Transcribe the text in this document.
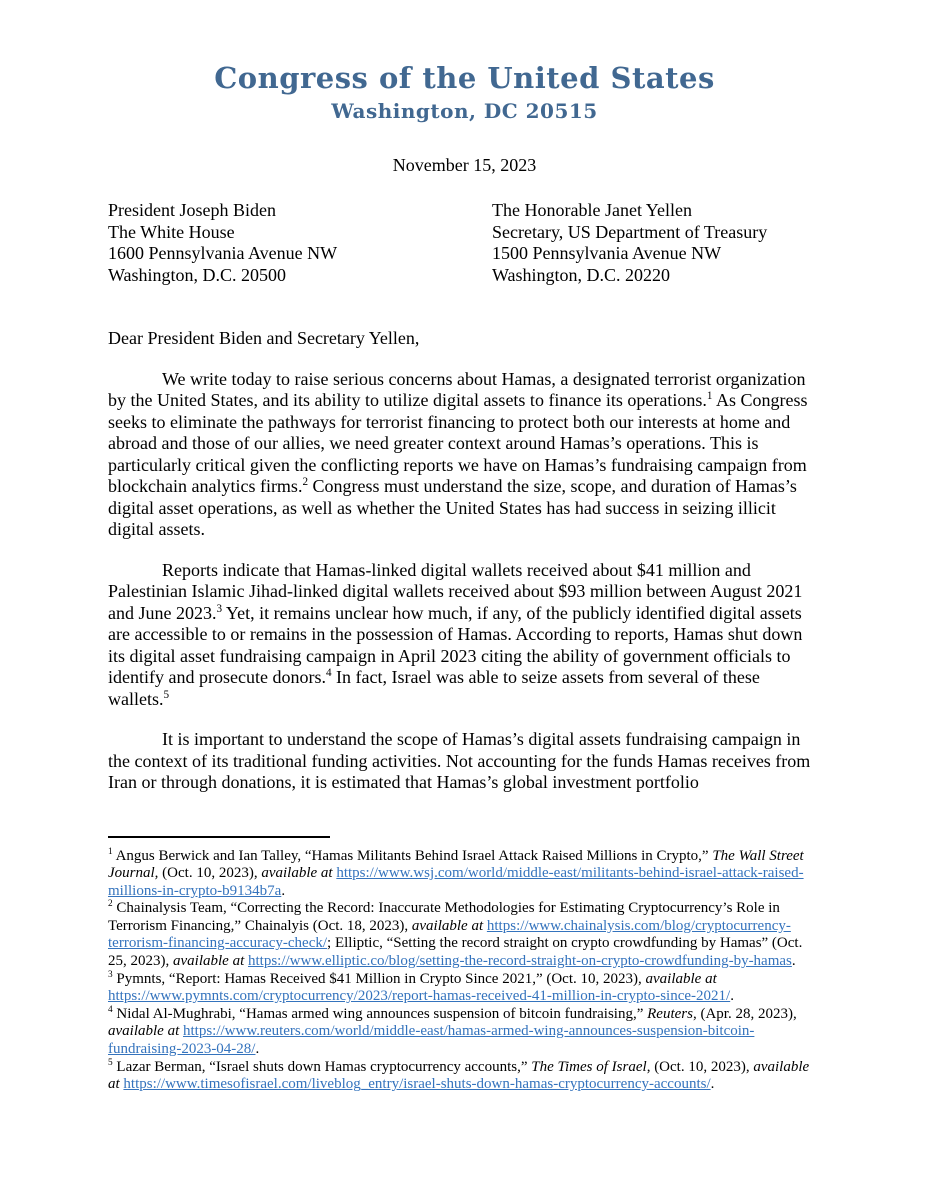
Congress of the United States
Washington, DC 20515
November 15, 2023
President Joseph Biden
The White House
1600 Pennsylvania Avenue NW
Washington, D.C. 20500
The Honorable Janet Yellen
Secretary, US Department of Treasury
1500 Pennsylvania Avenue NW
Washington, D.C. 20220
Dear President Biden and Secretary Yellen,

We write today to raise serious concerns about Hamas, a designated terrorist organization by the United States, and its ability to utilize digital assets to finance its operations.$^1$ As Congress seeks to eliminate the pathways for terrorist financing to protect both our interests at home and abroad and those of our allies, we need greater context around Hamas’s operations. This is particularly critical given the conflicting reports we have on Hamas’s fundraising campaign from blockchain analytics firms.$^2$ Congress must understand the size, scope, and duration of Hamas’s digital asset operations, as well as whether the United States has had success in seizing illicit digital assets.

Reports indicate that Hamas-linked digital wallets received about $41 million and Palestinian Islamic Jihad-linked digital wallets received about $93 million between August 2021 and June 2023.$^3$ Yet, it remains unclear how much, if any, of the publicly identified digital assets are accessible to or remains in the possession of Hamas. According to reports, Hamas shut down its digital asset fundraising campaign in April 2023 citing the ability of government officials to identify and prosecute donors.$^4$ In fact, Israel was able to seize assets from several of these wallets.$^5$

It is important to understand the scope of Hamas’s digital assets fundraising campaign in the context of its traditional funding activities. Not accounting for the funds Hamas receives from Iran or through donations, it is estimated that Hamas’s global investment portfolio

$^1$ Angus Berwick and Ian Talley, “Hamas Militants Behind Israel Attack Raised Millions in Crypto,” The Wall Street Journal, (Oct. 10, 2023), available at https://www.wsj.com/world/middle-east/militants-behind-israel-attack-raised-millions-in-crypto-b9134b7a.
$^2$ Chainalysis Team, “Correcting the Record: Inaccurate Methodologies for Estimating Cryptocurrency’s Role in Terrorism Financing,” Chainalyis (Oct. 18, 2023), available at https://www.chainalysis.com/blog/cryptocurrency-terrorism-financing-accuracy-check/; Elliptic, “Setting the record straight on crypto crowdfunding by Hamas” (Oct. 25, 2023), available at https://www.elliptic.co/blog/setting-the-record-straight-on-crypto-crowdfunding-by-hamas.
$^3$ Pymnts, “Report: Hamas Received $41 Million in Crypto Since 2021,” (Oct. 10, 2023), available at https://www.pymnts.com/cryptocurrency/2023/report-hamas-received-41-million-in-crypto-since-2021/.
$^4$ Nidal Al-Mughrabi, “Hamas armed wing announces suspension of bitcoin fundraising,” Reuters, (Apr. 28, 2023), available at https://www.reuters.com/world/middle-east/hamas-armed-wing-announces-suspension-bitcoin-fundraising-2023-04-28/.
$^5$ Lazar Berman, “Israel shuts down Hamas cryptocurrency accounts,” The Times of Israel, (Oct. 10, 2023), available at https://www.timesofisrael.com/liveblog_entry/israel-shuts-down-hamas-cryptocurrency-accounts/.
